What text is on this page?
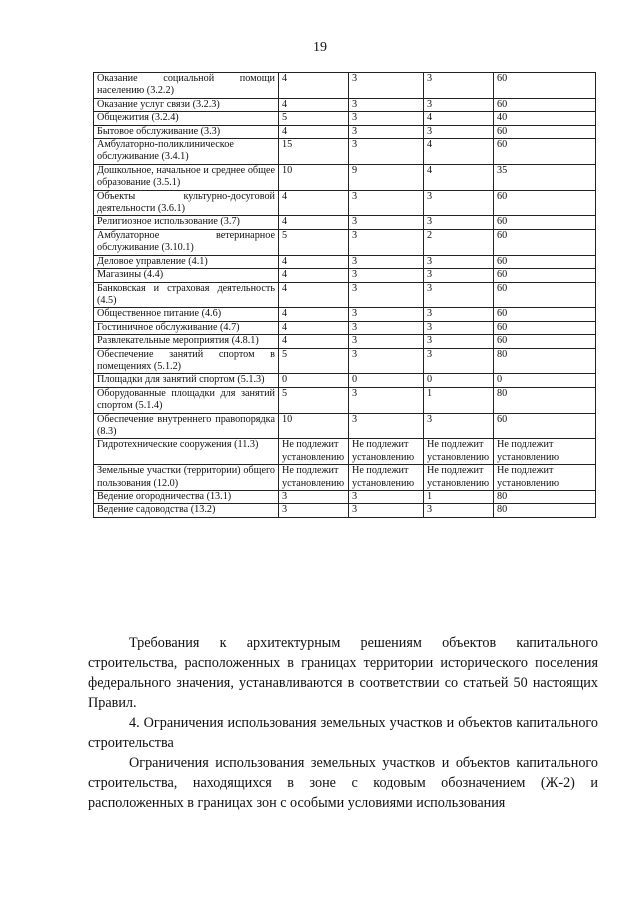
19
Оказание социальной помощи населению (3.2.2)	4	3	3	60
Оказание услуг связи (3.2.3)	4	3	3	60
Общежития (3.2.4)	5	3	4	40
Бытовое обслуживание (3.3)	4	3	3	60
Амбулаторно-поликлиническое обслуживание (3.4.1)	15	3	4	60
Дошкольное, начальное и среднее общее образование (3.5.1)	10	9	4	35
Объекты культурно-досуговой деятельности (3.6.1)	4	3	3	60
Религиозное использование (3.7)	4	3	3	60
Амбулаторное ветеринарное обслуживание (3.10.1)	5	3	2	60
Деловое управление (4.1)	4	3	3	60
Магазины (4.4)	4	3	3	60
Банковская и страховая деятельность (4.5)	4	3	3	60
Общественное питание (4.6)	4	3	3	60
Гостиничное обслуживание (4.7)	4	3	3	60
Развлекательные мероприятия (4.8.1)	4	3	3	60
Обеспечение занятий спортом в помещениях (5.1.2)	5	3	3	80
Площадки для занятий спортом (5.1.3)	0	0	0	0
Оборудованные площадки для занятий спортом (5.1.4)	5	3	1	80
Обеспечение внутреннего правопорядка (8.3)	10	3	3	60
Гидротехнические сооружения (11.3)	Не подлежит установлению	Не подлежит установлению	Не подлежит установлению	Не подлежит установлению
Земельные участки (территории) общего пользования (12.0)	Не подлежит установлению	Не подлежит установлению	Не подлежит установлению	Не подлежит установлению
Ведение огородничества (13.1)	3	3	1	80
Ведение садоводства (13.2)	3	3	3	80

Требования к архитектурным решениям объектов капитального строительства, расположенных в границах территории исторического поселения федерального значения, устанавливаются в соответствии со статьей 50 настоящих Правил.

4. Ограничения использования земельных участков и объектов капитального строительства

Ограничения использования земельных участков и объектов капитального строительства, находящихся в зоне с кодовым обозначением (Ж-2) и расположенных в границах зон с особыми условиями использования
